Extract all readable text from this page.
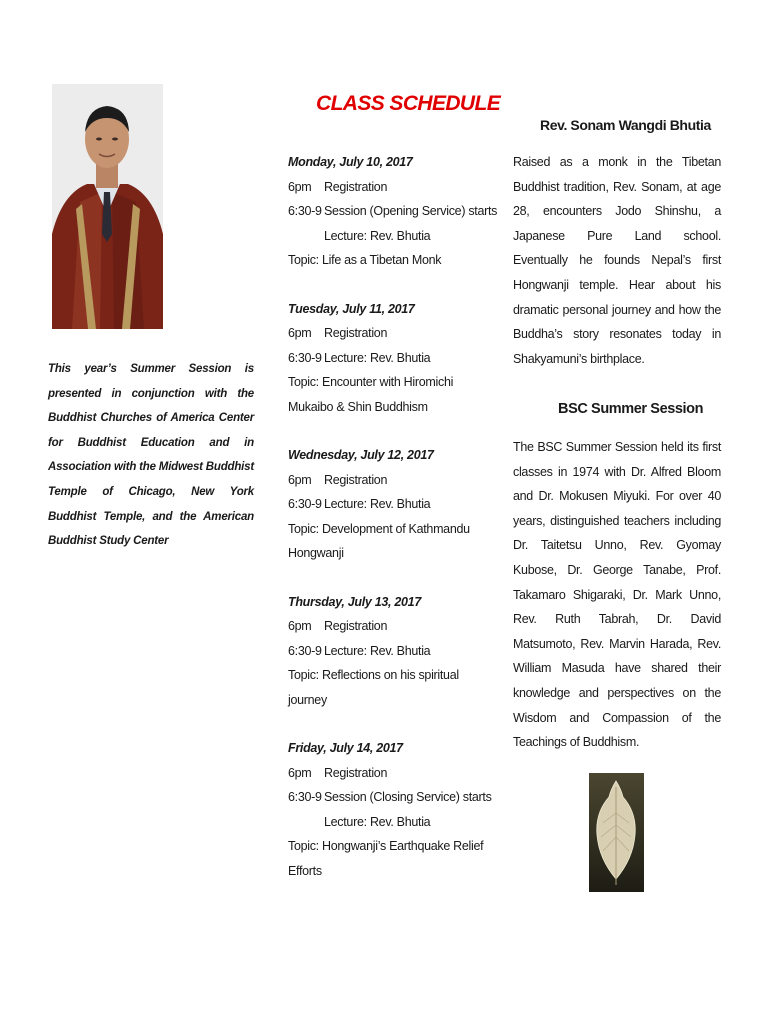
This year’s Summer Session is presented in conjunction with the Buddhist Churches of America Center for Buddhist Education and in Association with the Midwest Buddhist Temple of Chicago, New York Buddhist Temple, and the American Buddhist Study Center
CLASS SCHEDULE
Monday, July 10, 2017
6pm Registration
6:30-9 Session (Opening Service) starts
Lecture: Rev. Bhutia
Topic: Life as a Tibetan Monk
Tuesday, July 11, 2017
6pm Registration
6:30-9 Lecture: Rev. Bhutia
Topic: Encounter with Hiromichi
Mukaibo & Shin Buddhism
Wednesday, July 12, 2017
6pm Registration
6:30-9 Lecture: Rev. Bhutia
Topic: Development of Kathmandu
Hongwanji
Thursday, July 13, 2017
6pm Registration
6:30-9 Lecture: Rev. Bhutia
Topic: Reflections on his spiritual
journey
Friday, July 14, 2017
6pm Registration
6:30-9 Session (Closing Service) starts
Lecture: Rev. Bhutia
Topic: Hongwanji’s Earthquake Relief
Efforts
Rev. Sonam Wangdi Bhutia
Raised as a monk in the Tibetan Buddhist tradition, Rev. Sonam, at age 28, encounters Jodo Shinshu, a Japanese Pure Land school. Eventually he founds Nepal’s first Hongwanji temple. Hear about his dramatic personal journey and how the Buddha’s story resonates today in Shakyamuni’s birthplace.
BSC Summer Session
The BSC Summer Session held its first classes in 1974 with Dr. Alfred Bloom and Dr. Mokusen Miyuki. For over 40 years, distinguished teachers including Dr. Taitetsu Unno, Rev. Gyomay Kubose, Dr. George Tanabe, Prof. Takamaro Shigaraki, Dr. Mark Unno, Rev. Ruth Tabrah, Dr. David Matsumoto, Rev. Marvin Harada, Rev. William Masuda have shared their knowledge and perspectives on the Wisdom and Compassion of the Teachings of Buddhism.
